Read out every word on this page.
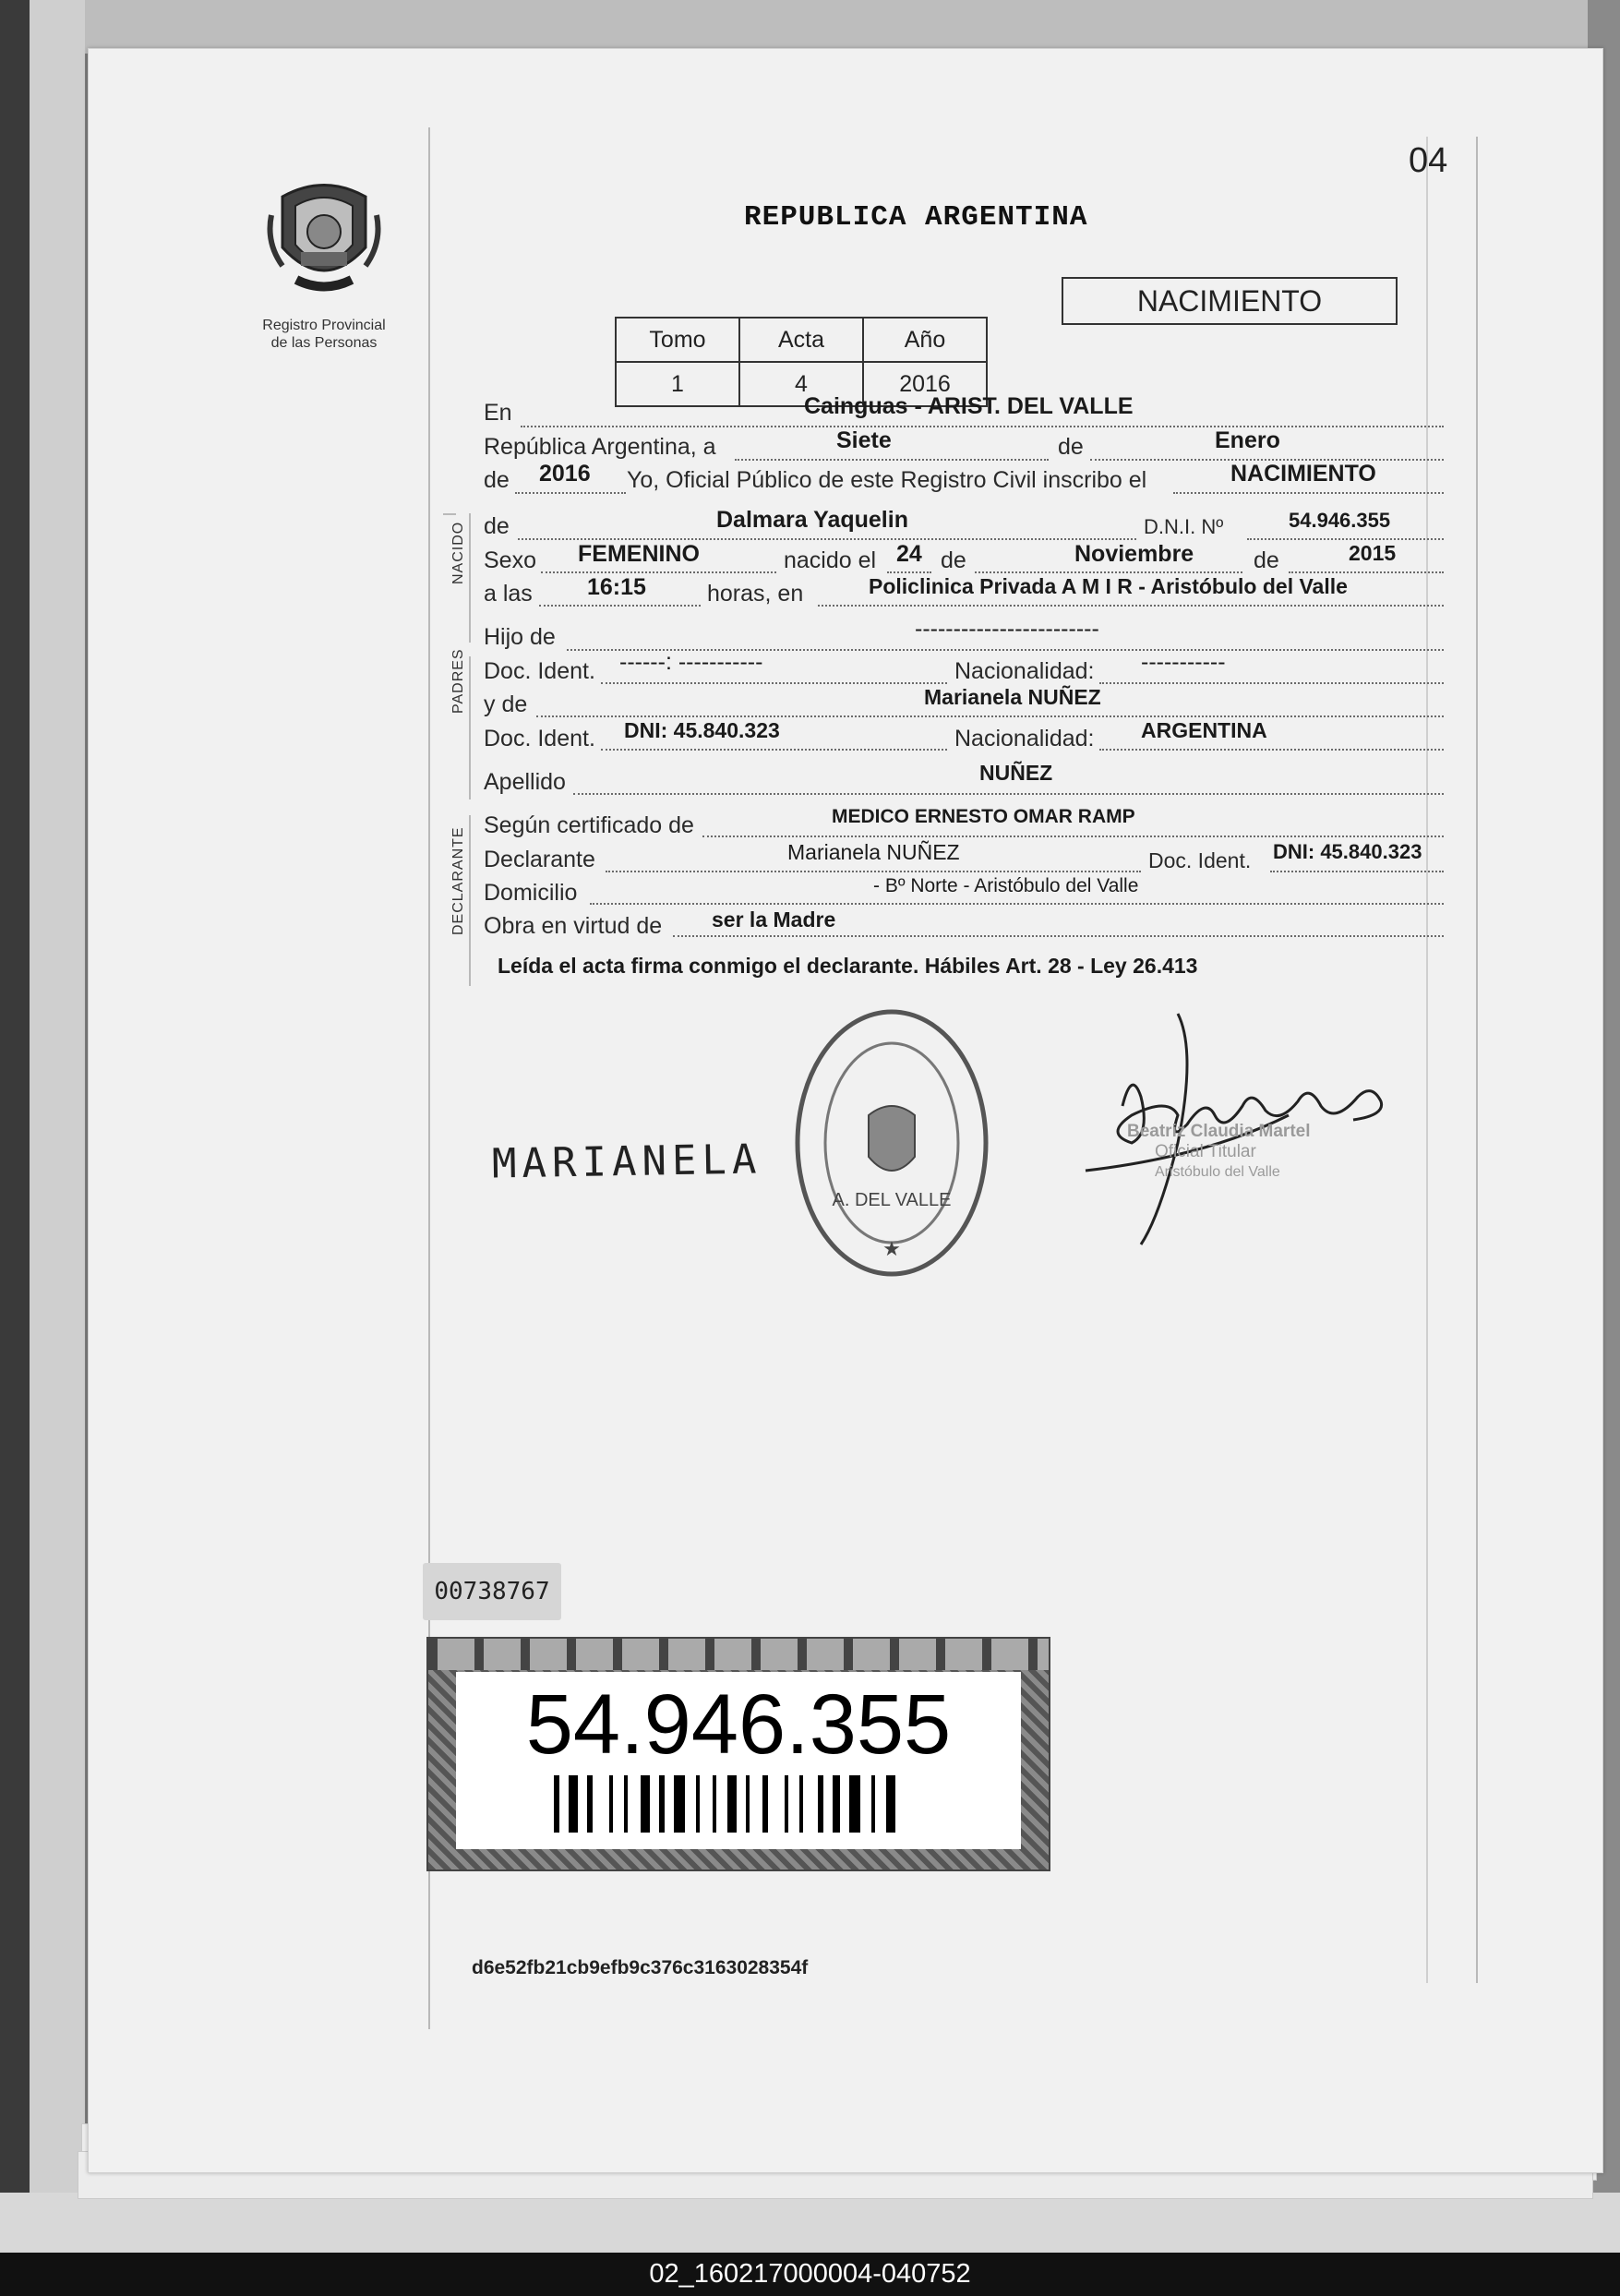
04
Registro Provincial
de las Personas
REPUBLICA ARGENTINA
Tomo	Acta	Año
1	4	2016
NACIMIENTO
NACIDO
PADRES
DECLARANTE
En	Cainguas - ARIST. DEL VALLE
República Argentina, a	Siete	de	Enero
de 2016 Yo, Oficial Público de este Registro Civil inscribo el	NACIMIENTO
de	Dalmara Yaquelin	D.N.I. Nº	54.946.355
Sexo FEMENINO	nacido el 24 de	Noviembre	de	2015
a las 16:15	horas, en	Policlinica Privada A M I R - Aristóbulo del Valle
Hijo de	------------------------
Doc. Ident. ------: -----------	Nacionalidad: -----------
y de	Marianela NUÑEZ
Doc. Ident. DNI: 45.840.323	Nacionalidad: ARGENTINA
Apellido	NUÑEZ
Según certificado de	MEDICO ERNESTO OMAR RAMP
Declarante	Marianela NUÑEZ	Doc. Ident. DNI: 45.840.323
Domicilio	- Bº Norte - Aristóbulo del Valle
Obra en virtud de ser la Madre
Leída el acta firma conmigo el declarante. Hábiles Art. 28 - Ley 26.413
MARIANELA
A. DEL VALLE
★
Beatriz Claudia Martel
Oficial Titular
Aristóbulo del Valle
00738767
54.946.355
d6e52fb21cb9efb9c376c3163028354f
02_160217000004-040752
